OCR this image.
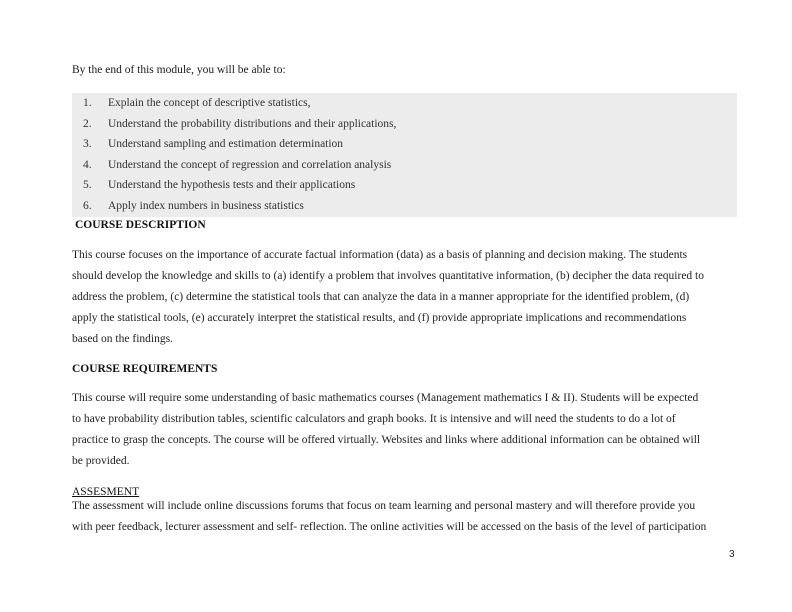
By the end of this module, you will be able to:
1. Explain the concept of descriptive statistics,
2. Understand the probability distributions and their applications,
3. Understand sampling and estimation determination
4. Understand the concept of regression and correlation analysis
5. Understand the hypothesis tests and their applications
6. Apply index numbers in business statistics
COURSE DESCRIPTION

This course focuses on the importance of accurate factual information (data) as a basis of planning and decision making. The students
should develop the knowledge and skills to (a) identify a problem that involves quantitative information, (b) decipher the data required to
address the problem, (c) determine the statistical tools that can analyze the data in a manner appropriate for the identified problem, (d)
apply the statistical tools, (e) accurately interpret the statistical results, and (f) provide appropriate implications and recommendations
based on the findings.

COURSE REQUIREMENTS

This course will require some understanding of basic mathematics courses (Management mathematics I & II). Students will be expected
to have probability distribution tables, scientific calculators and graph books. It is intensive and will need the students to do a lot of
practice to grasp the concepts. The course will be offered virtually. Websites and links where additional information can be obtained will
be provided.

ASSESMENT

The assessment will include online discussions forums that focus on team learning and personal mastery and will therefore provide you
with peer feedback, lecturer assessment and self- reflection. The online activities will be accessed on the basis of the level of participation

3
